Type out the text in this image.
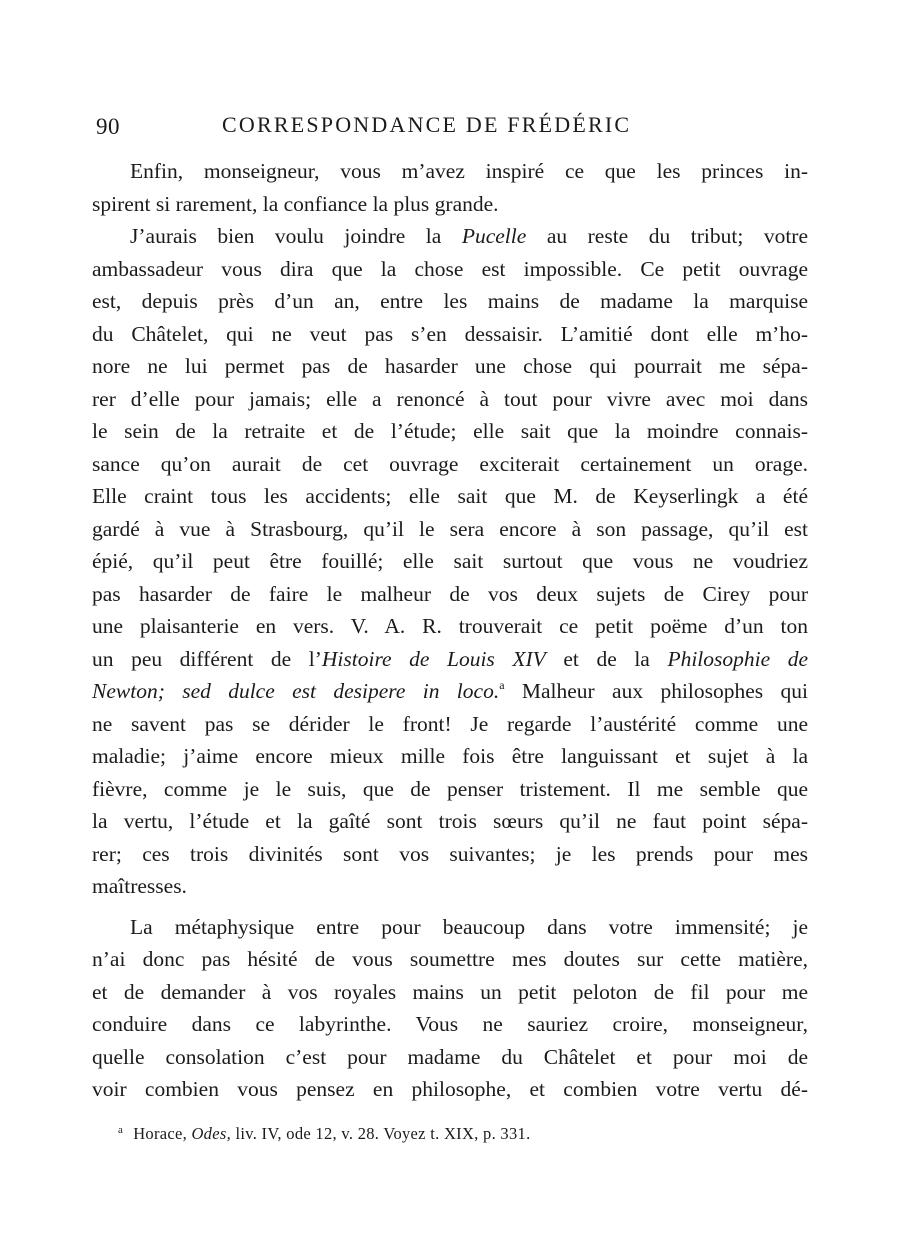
90	CORRESPONDANCE DE FRÉDÉRIC
Enfin, monseigneur, vous m’avez inspiré ce que les princes in-
spirent si rarement, la confiance la plus grande.
J’aurais bien voulu joindre la Pucelle au reste du tribut; votre
ambassadeur vous dira que la chose est impossible. Ce petit ouvrage
est, depuis près d’un an, entre les mains de madame la marquise
du Châtelet, qui ne veut pas s’en dessaisir. L’amitié dont elle m’ho-
nore ne lui permet pas de hasarder une chose qui pourrait me sépa-
rer d’elle pour jamais; elle a renoncé à tout pour vivre avec moi dans
le sein de la retraite et de l’étude; elle sait que la moindre connais-
sance qu’on aurait de cet ouvrage exciterait certainement un orage.
Elle craint tous les accidents; elle sait que M. de Keyserlingk a été
gardé à vue à Strasbourg, qu’il le sera encore à son passage, qu’il est
épié, qu’il peut être fouillé; elle sait surtout que vous ne voudriez
pas hasarder de faire le malheur de vos deux sujets de Cirey pour
une plaisanterie en vers. V. A. R. trouverait ce petit poëme d’un ton
un peu différent de l’Histoire de Louis XIV et de la Philosophie de
Newton; sed dulce est desipere in loco.$^a$ Malheur aux philosophes qui
ne savent pas se dérider le front! Je regarde l’austérité comme une
maladie; j’aime encore mieux mille fois être languissant et sujet à la
fièvre, comme je le suis, que de penser tristement. Il me semble que
la vertu, l’étude et la gaîté sont trois sœurs qu’il ne faut point sépa-
rer; ces trois divinités sont vos suivantes; je les prends pour mes
maîtresses.
La métaphysique entre pour beaucoup dans votre immensité; je
n’ai donc pas hésité de vous soumettre mes doutes sur cette matière,
et de demander à vos royales mains un petit peloton de fil pour me
conduire dans ce labyrinthe. Vous ne sauriez croire, monseigneur,
quelle consolation c’est pour madame du Châtelet et pour moi de
voir combien vous pensez en philosophe, et combien votre vertu dé-
$^a$ Horace, Odes, liv. IV, ode 12, v. 28. Voyez t. XIX, p. 331.
